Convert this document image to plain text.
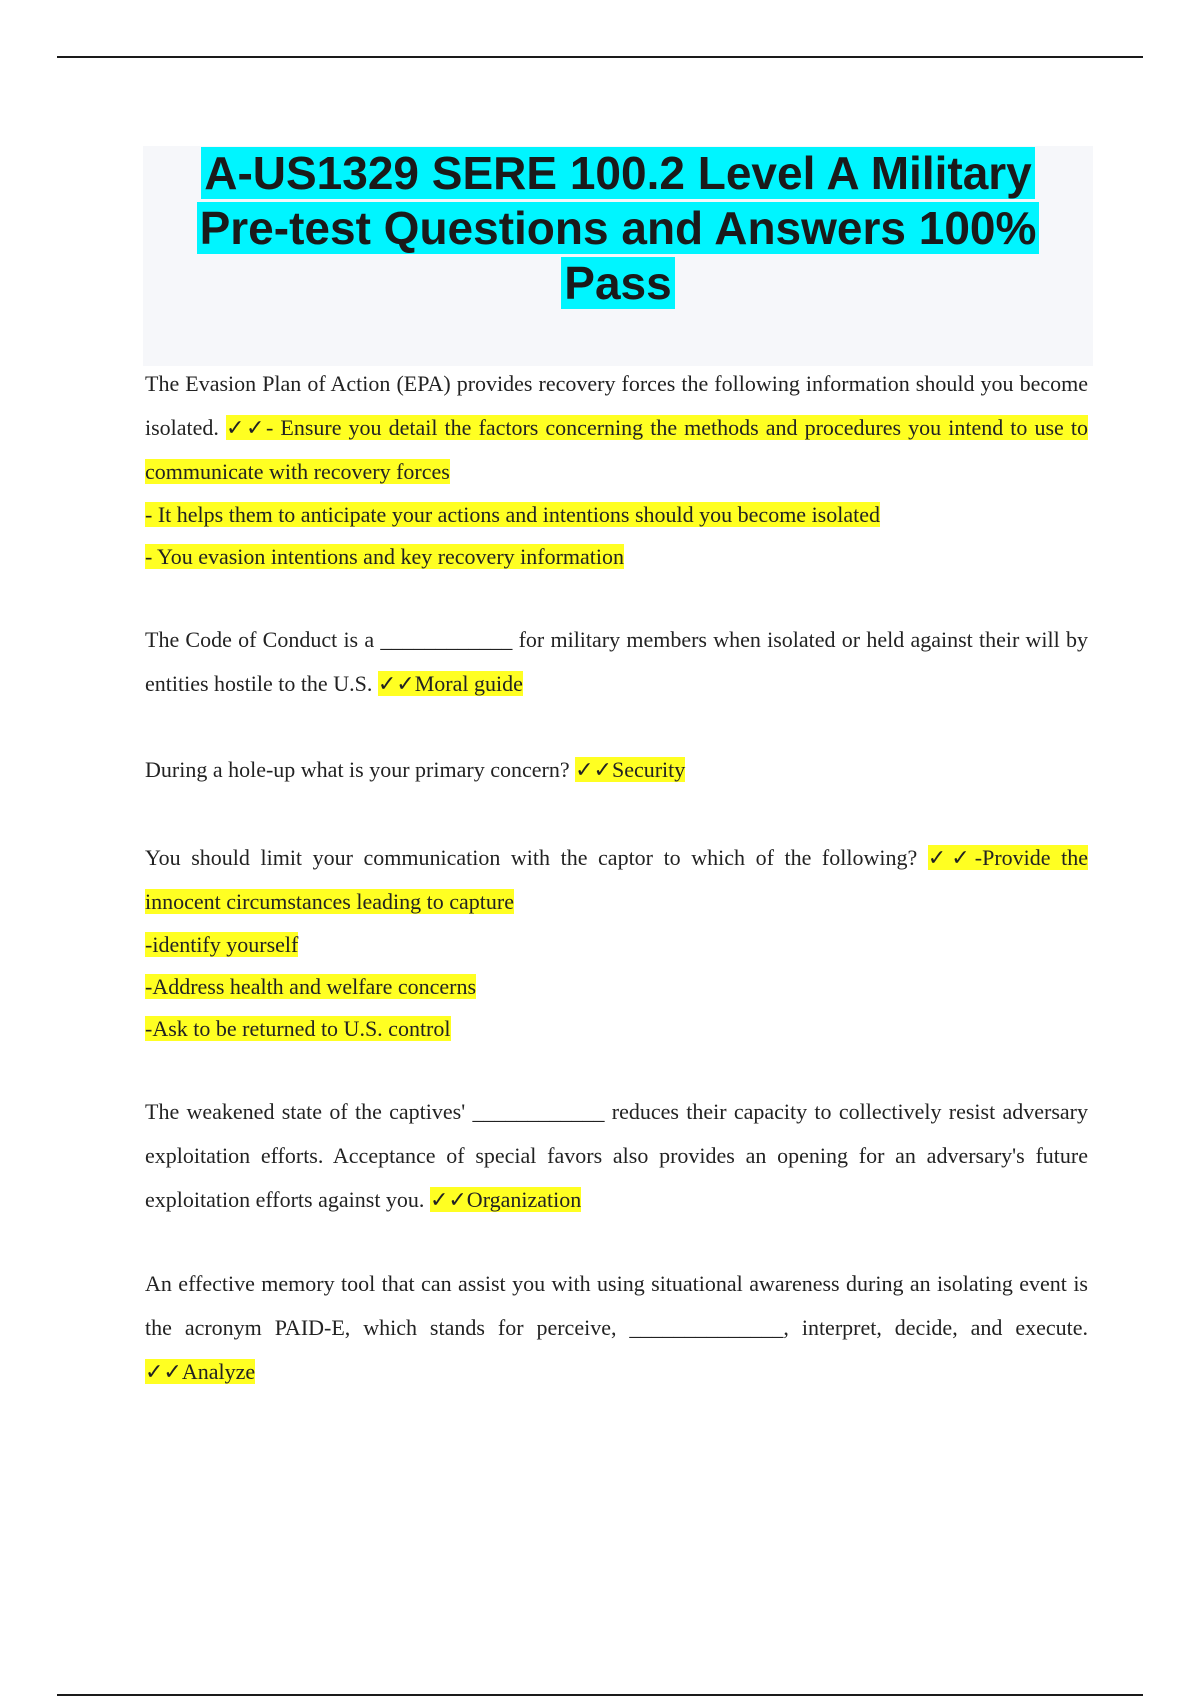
A-US1329 SERE 100.2 Level A Military
Pre-test Questions and Answers 100%
Pass

The Evasion Plan of Action (EPA) provides recovery forces the following information should you become isolated. ✓✓- Ensure you detail the factors concerning the methods and procedures you intend to use to communicate with recovery forces

- It helps them to anticipate your actions and intentions should you become isolated

- You evasion intentions and key recovery information

The Code of Conduct is a ____________ for military members when isolated or held against their will by entities hostile to the U.S. ✓✓Moral guide

During a hole-up what is your primary concern? ✓✓Security

You should limit your communication with the captor to which of the following? ✓✓-Provide the innocent circumstances leading to capture

-identify yourself

-Address health and welfare concerns

-Ask to be returned to U.S. control

The weakened state of the captives' ____________ reduces their capacity to collectively resist adversary exploitation efforts. Acceptance of special favors also provides an opening for an adversary's future exploitation efforts against you. ✓✓Organization

An effective memory tool that can assist you with using situational awareness during an isolating event is the acronym PAID-E, which stands for perceive, ______________, interpret, decide, and execute. ✓✓Analyze
